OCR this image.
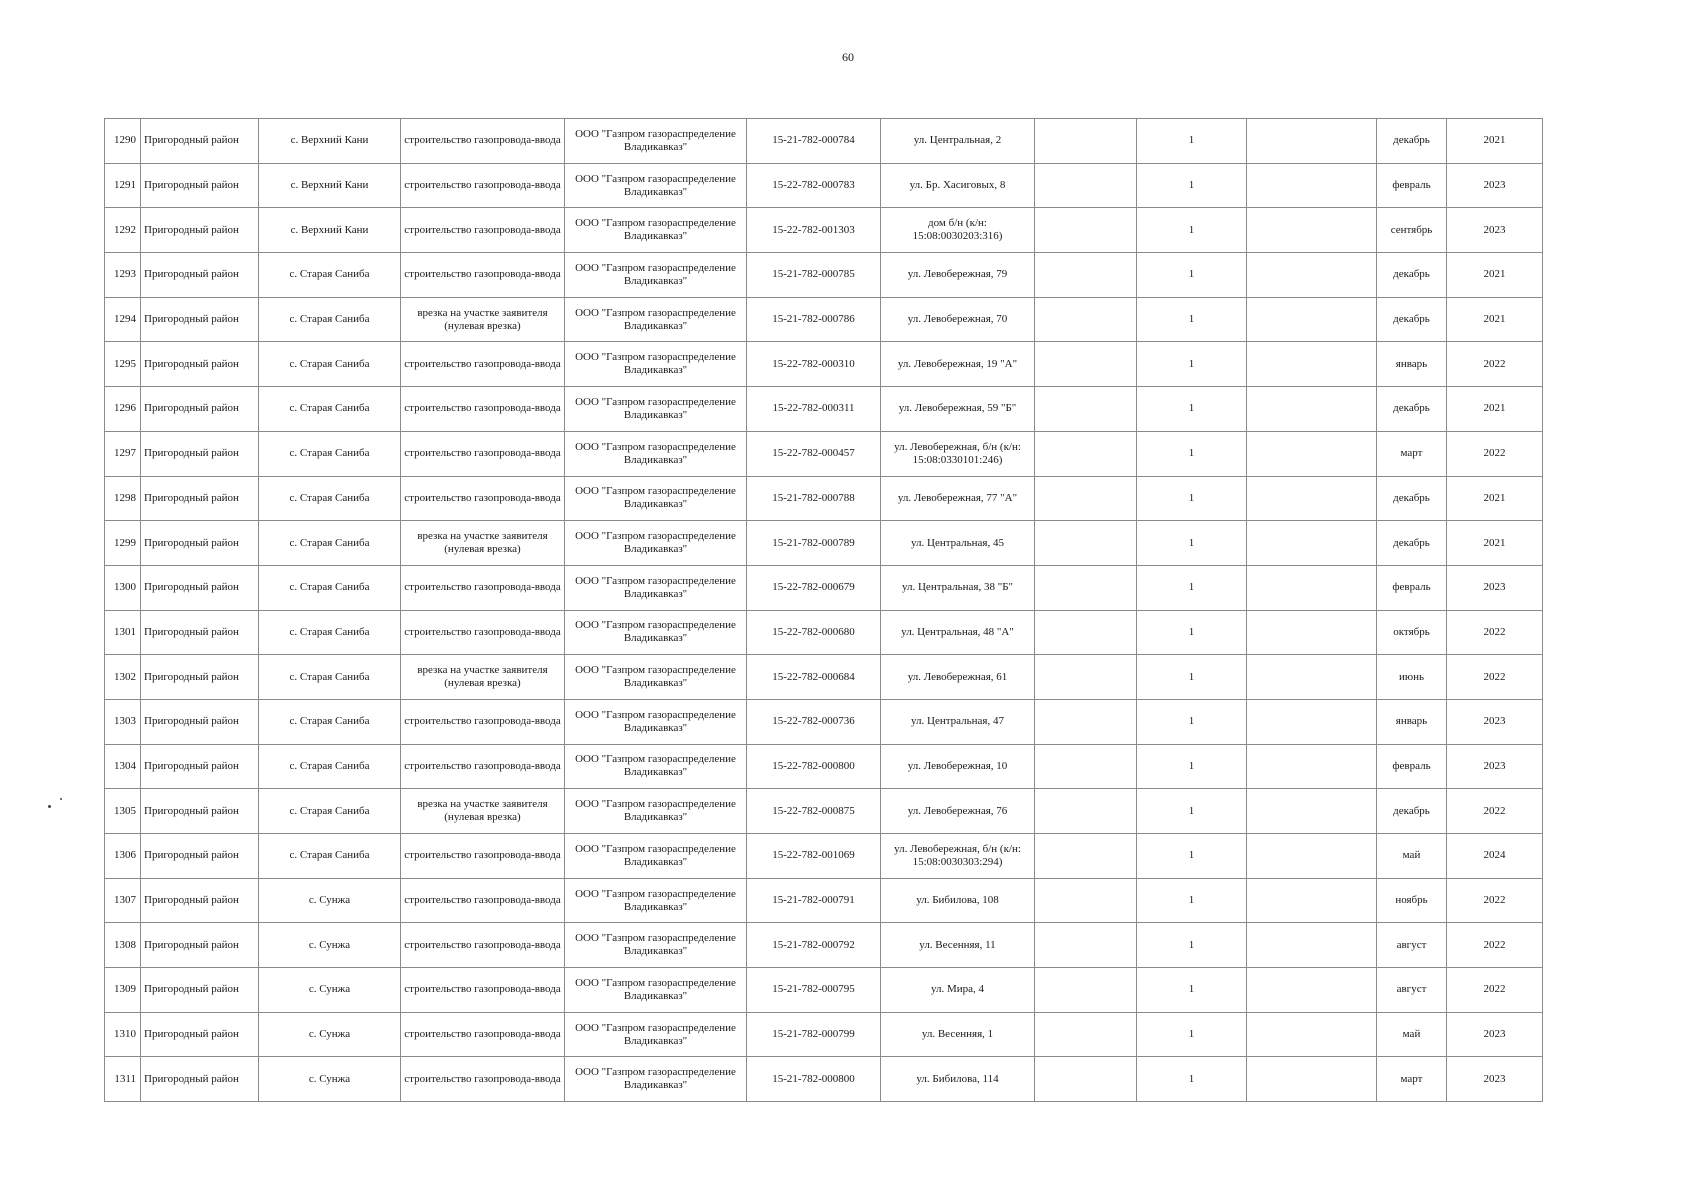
60
1290	Пригородный район	с. Верхний Кани	строительство газопровода-ввода	ООО "Газпром газораспределение Владикавказ"	15-21-782-000784	ул. Центральная, 2		1		декабрь	2021
1291	Пригородный район	с. Верхний Кани	строительство газопровода-ввода	ООО "Газпром газораспределение Владикавказ"	15-22-782-000783	ул. Бр. Хасиговых, 8		1		февраль	2023
1292	Пригородный район	с. Верхний Кани	строительство газопровода-ввода	ООО "Газпром газораспределение Владикавказ"	15-22-782-001303	дом б/н (к/н: 15:08:0030203:316)		1		сентябрь	2023
1293	Пригородный район	с. Старая Саниба	строительство газопровода-ввода	ООО "Газпром газораспределение Владикавказ"	15-21-782-000785	ул. Левобережная, 79		1		декабрь	2021
1294	Пригородный район	с. Старая Саниба	врезка на участке заявителя (нулевая врезка)	ООО "Газпром газораспределение Владикавказ"	15-21-782-000786	ул. Левобережная, 70		1		декабрь	2021
1295	Пригородный район	с. Старая Саниба	строительство газопровода-ввода	ООО "Газпром газораспределение Владикавказ"	15-22-782-000310	ул. Левобережная, 19 "А"		1		январь	2022
1296	Пригородный район	с. Старая Саниба	строительство газопровода-ввода	ООО "Газпром газораспределение Владикавказ"	15-22-782-000311	ул. Левобережная, 59 "Б"		1		декабрь	2021
1297	Пригородный район	с. Старая Саниба	строительство газопровода-ввода	ООО "Газпром газораспределение Владикавказ"	15-22-782-000457	ул. Левобережная, б/н (к/н: 15:08:0330101:246)		1		март	2022
1298	Пригородный район	с. Старая Саниба	строительство газопровода-ввода	ООО "Газпром газораспределение Владикавказ"	15-21-782-000788	ул. Левобережная, 77 "А"		1		декабрь	2021
1299	Пригородный район	с. Старая Саниба	врезка на участке заявителя (нулевая врезка)	ООО "Газпром газораспределение Владикавказ"	15-21-782-000789	ул. Центральная, 45		1		декабрь	2021
1300	Пригородный район	с. Старая Саниба	строительство газопровода-ввода	ООО "Газпром газораспределение Владикавказ"	15-22-782-000679	ул. Центральная, 38 "Б"		1		февраль	2023
1301	Пригородный район	с. Старая Саниба	строительство газопровода-ввода	ООО "Газпром газораспределение Владикавказ"	15-22-782-000680	ул. Центральная, 48 "А"		1		октябрь	2022
1302	Пригородный район	с. Старая Саниба	врезка на участке заявителя (нулевая врезка)	ООО "Газпром газораспределение Владикавказ"	15-22-782-000684	ул. Левобережная, 61		1		июнь	2022
1303	Пригородный район	с. Старая Саниба	строительство газопровода-ввода	ООО "Газпром газораспределение Владикавказ"	15-22-782-000736	ул. Центральная, 47		1		январь	2023
1304	Пригородный район	с. Старая Саниба	строительство газопровода-ввода	ООО "Газпром газораспределение Владикавказ"	15-22-782-000800	ул. Левобережная, 10		1		февраль	2023
1305	Пригородный район	с. Старая Саниба	врезка на участке заявителя (нулевая врезка)	ООО "Газпром газораспределение Владикавказ"	15-22-782-000875	ул. Левобережная, 76		1		декабрь	2022
1306	Пригородный район	с. Старая Саниба	строительство газопровода-ввода	ООО "Газпром газораспределение Владикавказ"	15-22-782-001069	ул. Левобережная, б/н (к/н: 15:08:0030303:294)		1		май	2024
1307	Пригородный район	с. Сунжа	строительство газопровода-ввода	ООО "Газпром газораспределение Владикавказ"	15-21-782-000791	ул. Бибилова, 108		1		ноябрь	2022
1308	Пригородный район	с. Сунжа	строительство газопровода-ввода	ООО "Газпром газораспределение Владикавказ"	15-21-782-000792	ул. Весенняя, 11		1		август	2022
1309	Пригородный район	с. Сунжа	строительство газопровода-ввода	ООО "Газпром газораспределение Владикавказ"	15-21-782-000795	ул. Мира, 4		1		август	2022
1310	Пригородный район	с. Сунжа	строительство газопровода-ввода	ООО "Газпром газораспределение Владикавказ"	15-21-782-000799	ул. Весенняя, 1		1		май	2023
1311	Пригородный район	с. Сунжа	строительство газопровода-ввода	ООО "Газпром газораспределение Владикавказ"	15-21-782-000800	ул. Бибилова, 114		1		март	2023
